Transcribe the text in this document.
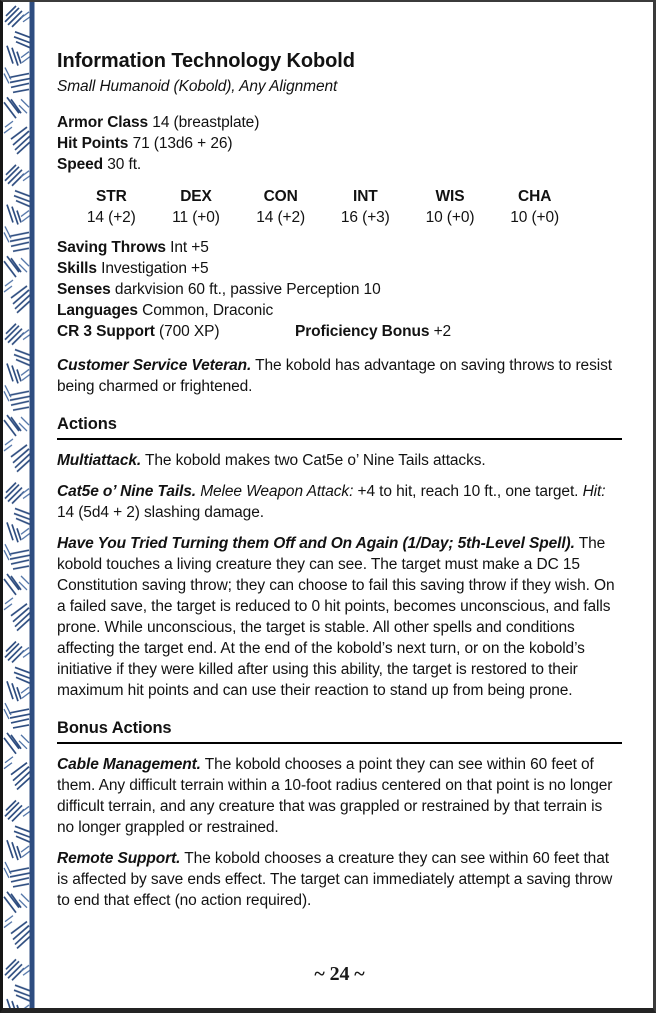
Information Technology Kobold
Small Humanoid (Kobold), Any Alignment
Armor Class 14 (breastplate)
Hit Points 71 (13d6 + 26)
Speed 30 ft.
STR	DEX	CON	INT	WIS	CHA
14 (+2)	11 (+0)	14 (+2)	16 (+3)	10 (+0)	10 (+0)
Saving Throws Int +5
Skills Investigation +5
Senses darkvision 60 ft., passive Perception 10
Languages Common, Draconic
CR 3 Support (700 XP)	Proficiency Bonus +2

Customer Service Veteran. The kobold has advantage on saving throws to resist being charmed or frightened.

Actions

Multiattack. The kobold makes two Cat5e o’ Nine Tails attacks.

Cat5e o’ Nine Tails. Melee Weapon Attack: +4 to hit, reach 10 ft., one target. Hit: 14 (5d4 + 2) slashing damage.

Have You Tried Turning them Off and On Again (1/Day; 5th-Level Spell). The kobold touches a living creature they can see. The target must make a DC 15 Constitution saving throw; they can choose to fail this saving throw if they wish. On a failed save, the target is reduced to 0 hit points, becomes unconscious, and falls prone. While unconscious, the target is stable. All other spells and conditions affecting the target end. At the end of the kobold’s next turn, or on the kobold’s initiative if they were killed after using this ability, the target is restored to their maximum hit points and can use their reaction to stand up from being prone.

Bonus Actions

Cable Management. The kobold chooses a point they can see within 60 feet of them. Any difficult terrain within a 10-foot radius centered on that point is no longer difficult terrain, and any creature that was grappled or restrained by that terrain is no longer grappled or restrained.

Remote Support. The kobold chooses a creature they can see within 60 feet that is affected by save ends effect. The target can immediately attempt a saving throw to end that effect (no action required).

~ 24 ~
